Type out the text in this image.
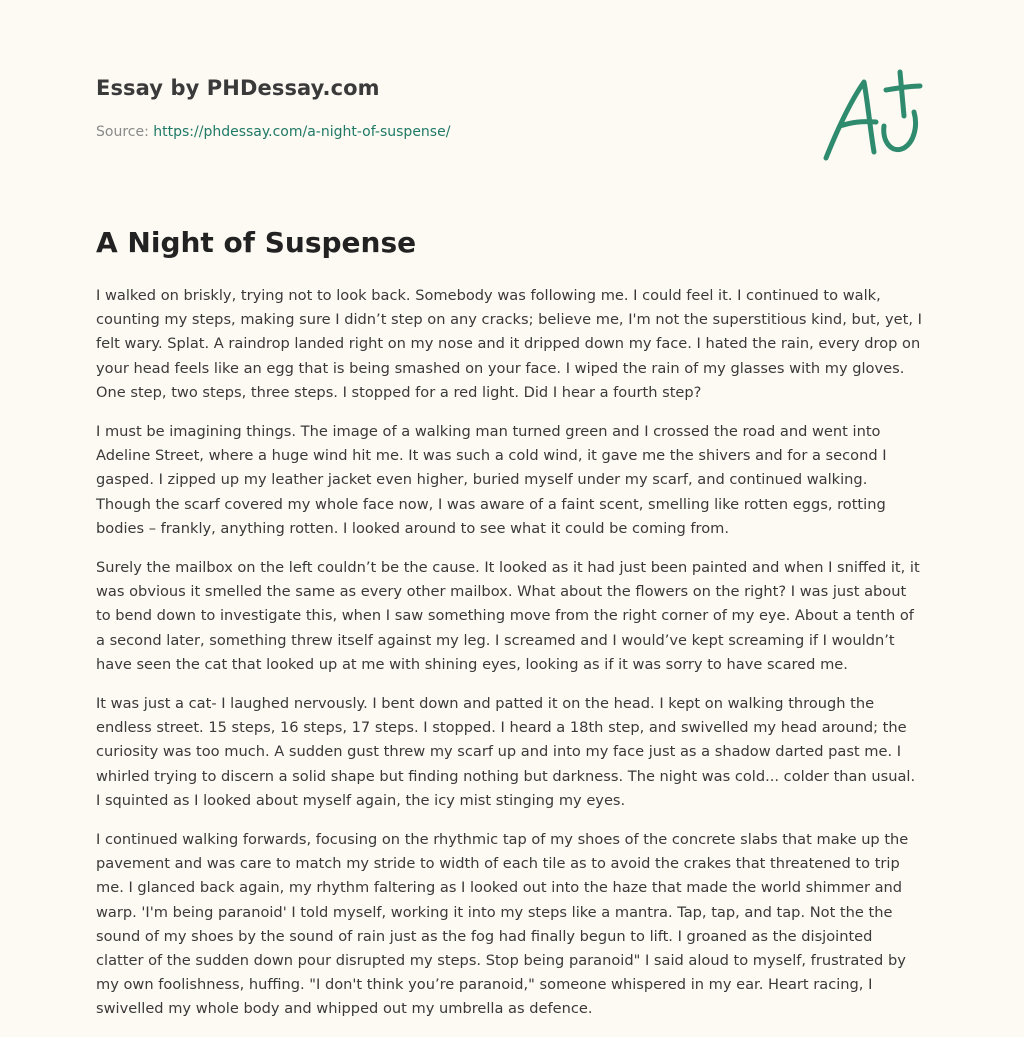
Essay by PHDessay.com
Source: https://phdessay.com/a-night-of-suspense/
A Night of Suspense

I walked on briskly, trying not to look back. Somebody was following me. I could feel it. I continued to walk, counting my steps, making sure I didn’t step on any cracks; believe me, I'm not the superstitious kind, but, yet, I felt wary. Splat. A raindrop landed right on my nose and it dripped down my face. I hated the rain, every drop on your head feels like an egg that is being smashed on your face. I wiped the rain of my glasses with my gloves. One step, two steps, three steps. I stopped for a red light. Did I hear a fourth step?

I must be imagining things. The image of a walking man turned green and I crossed the road and went into Adeline Street, where a huge wind hit me. It was such a cold wind, it gave me the shivers and for a second I gasped. I zipped up my leather jacket even higher, buried myself under my scarf, and continued walking. Though the scarf covered my whole face now, I was aware of a faint scent, smelling like rotten eggs, rotting bodies – frankly, anything rotten. I looked around to see what it could be coming from.

Surely the mailbox on the left couldn’t be the cause. It looked as it had just been painted and when I sniffed it, it was obvious it smelled the same as every other mailbox. What about the flowers on the right? I was just about to bend down to investigate this, when I saw something move from the right corner of my eye. About a tenth of a second later, something threw itself against my leg. I screamed and I would’ve kept screaming if I wouldn’t have seen the cat that looked up at me with shining eyes, looking as if it was sorry to have scared me.

It was just a cat- I laughed nervously. I bent down and patted it on the head. I kept on walking through the endless street. 15 steps, 16 steps, 17 steps. I stopped. I heard a 18th step, and swivelled my head around; the curiosity was too much. A sudden gust threw my scarf up and into my face just as a shadow darted past me. I whirled trying to discern a solid shape but finding nothing but darkness. The night was cold... colder than usual. I squinted as I looked about myself again, the icy mist stinging my eyes.

I continued walking forwards, focusing on the rhythmic tap of my shoes of the concrete slabs that make up the pavement and was care to match my stride to width of each tile as to avoid the crakes that threatened to trip me. I glanced back again, my rhythm faltering as I looked out into the haze that made the world shimmer and warp. 'I'm being paranoid' I told myself, working it into my steps like a mantra. Tap, tap, and tap. Not the the sound of my shoes by the sound of rain just as the fog had finally begun to lift. I groaned as the disjointed clatter of the sudden down pour disrupted my steps. Stop being paranoid" I said aloud to myself, frustrated by my own foolishness, huffing. "I don't think you’re paranoid," someone whispered in my ear. Heart racing, I swivelled my whole body and whipped out my umbrella as defence.
